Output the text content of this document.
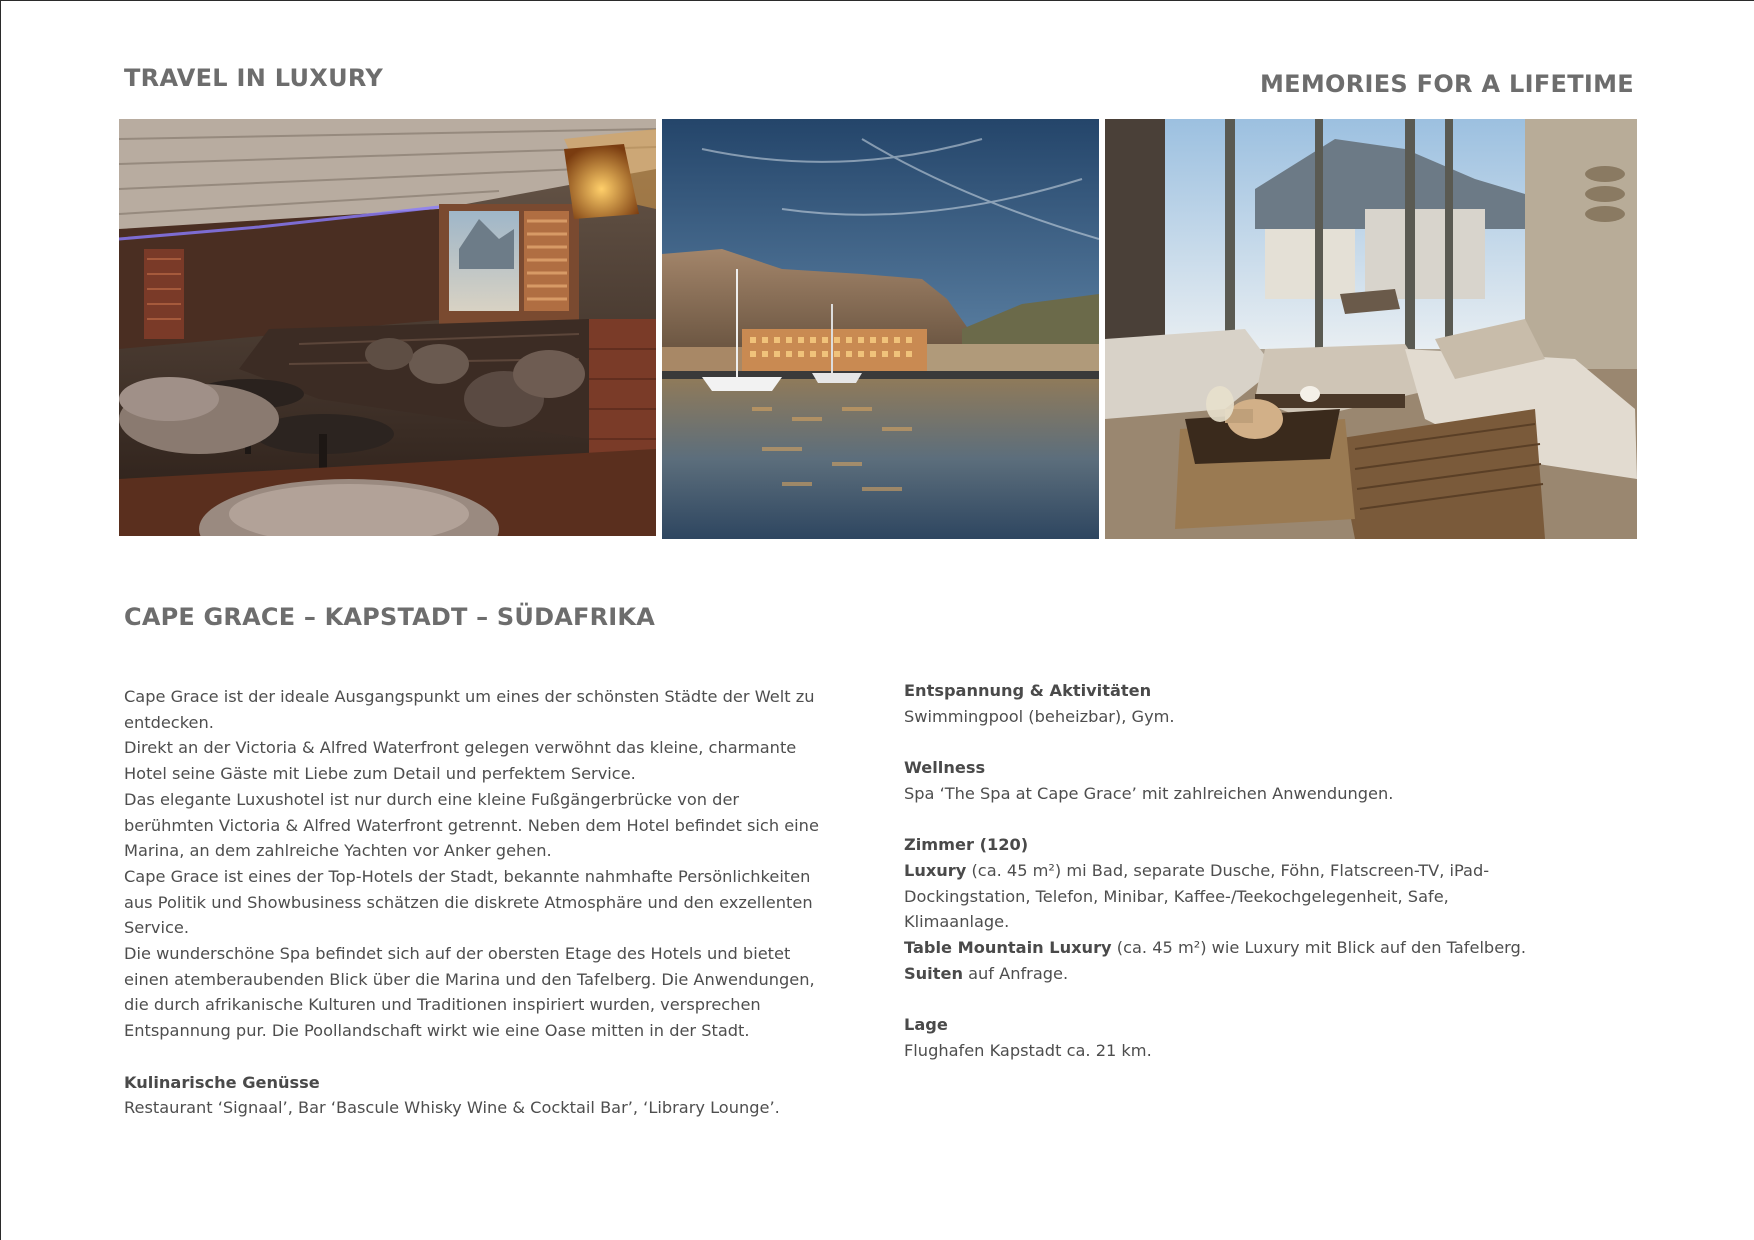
TRAVEL IN LUXURY	MEMORIES FOR A LIFETIME
CAPE GRACE – KAPSTADT – SÜDAFRIKA

Cape Grace ist der ideale Ausgangspunkt um eines der schönsten Städte der Welt zu entdecken.

Direkt an der Victoria & Alfred Waterfront gelegen verwöhnt das kleine, charmante Hotel seine Gäste mit Liebe zum Detail und perfektem Service.

Das elegante Luxushotel ist nur durch eine kleine Fußgängerbrücke von der berühmten Victoria & Alfred Waterfront getrennt. Neben dem Hotel befindet sich eine Marina, an dem zahlreiche Yachten vor Anker gehen.

Cape Grace ist eines der Top-Hotels der Stadt, bekannte nahmhafte Persönlichkeiten aus Politik und Showbusiness schätzen die diskrete Atmosphäre und den exzellenten Service.

Die wunderschöne Spa befindet sich auf der obersten Etage des Hotels und bietet einen atemberaubenden Blick über die Marina und den Tafelberg. Die Anwendungen, die durch afrikanische Kulturen und Traditionen inspiriert wurden, versprechen Entspannung pur. Die Poollandschaft wirkt wie eine Oase mitten in der Stadt.

Kulinarische Genüsse

Restaurant ‘Signaal’, Bar ‘Bascule Whisky Wine & Cocktail Bar’, ‘Library Lounge’.

Entspannung & Aktivitäten

Swimmingpool (beheizbar), Gym.

Wellness

Spa ‘The Spa at Cape Grace’ mit zahlreichen Anwendungen.

Zimmer (120)

Luxury (ca. 45 m²) mi Bad, separate Dusche, Föhn, Flatscreen-TV, iPad-Dockingstation, Telefon, Minibar, Kaffee-/Teekochgelegenheit, Safe, Klimaanlage.

Table Mountain Luxury (ca. 45 m²) wie Luxury mit Blick auf den Tafelberg.

Suiten auf Anfrage.

Lage

Flughafen Kapstadt ca. 21 km.
